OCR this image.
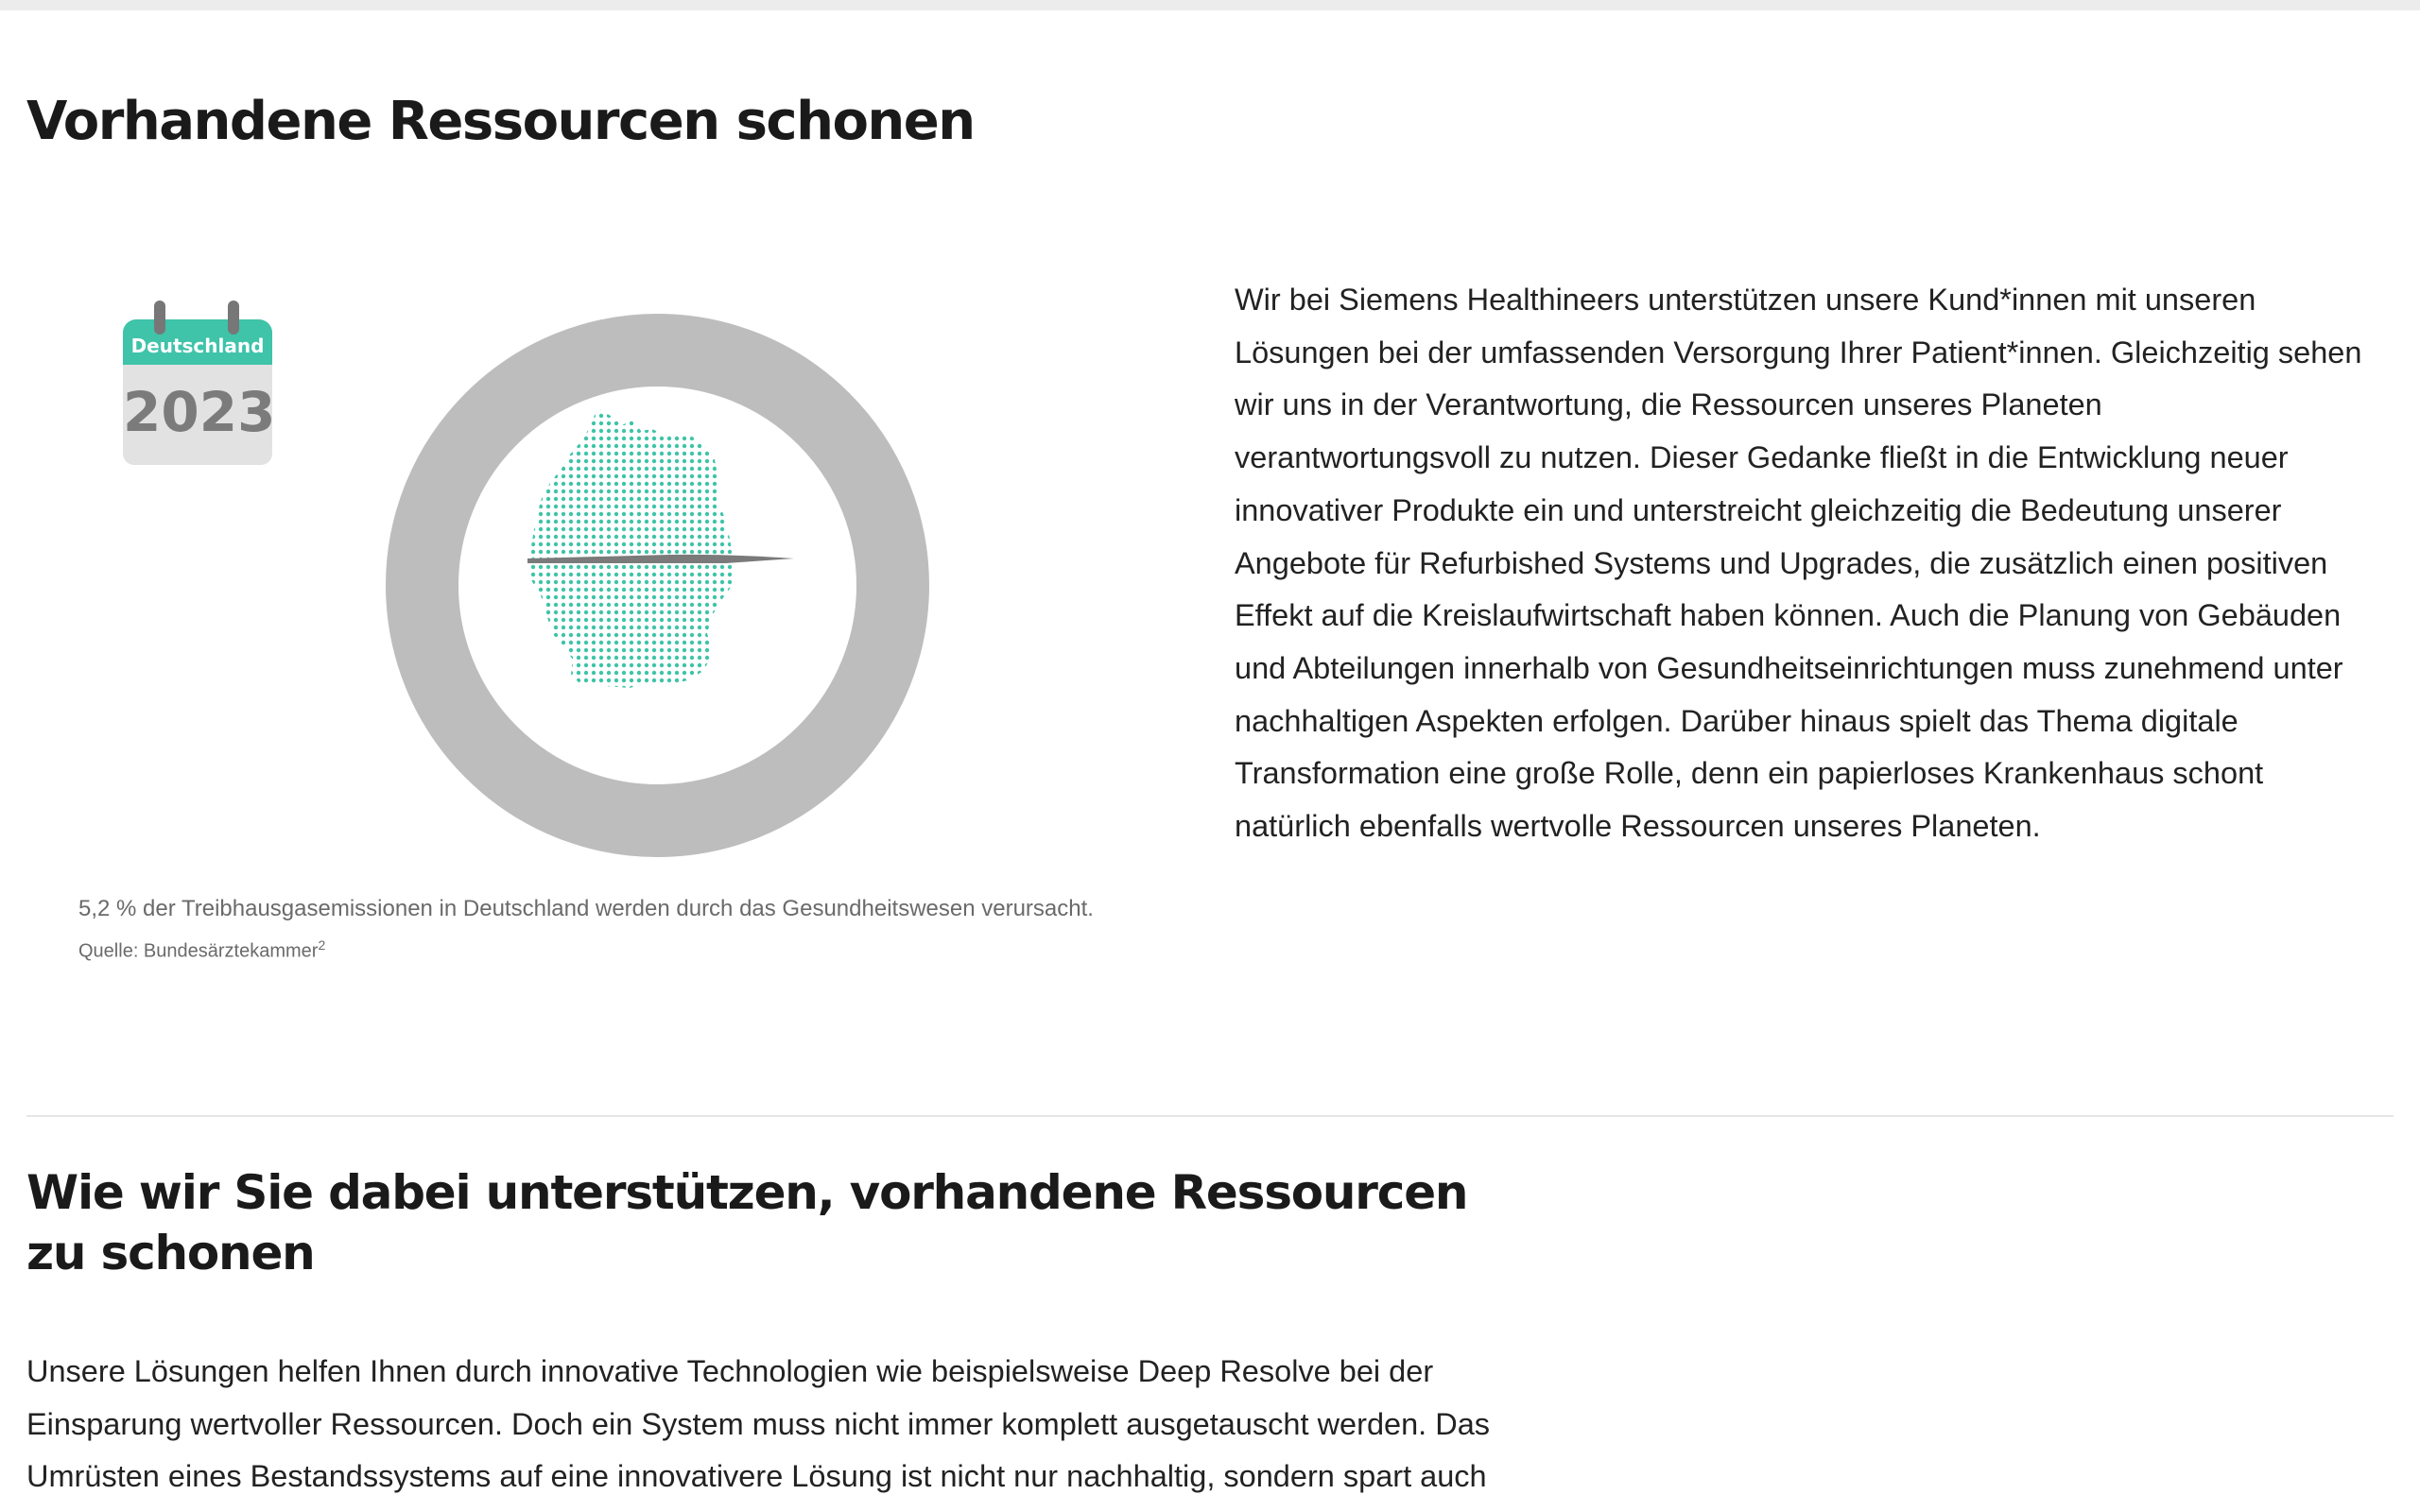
Vorhandene Ressourcen schonen
Deutschland
2023
5,2 % der Treibhausgasemissionen in Deutschland werden durch das Gesundheitswesen verursacht.
Quelle: Bundesärztekammer$^2$

Wir bei Siemens Healthineers unterstützen unsere Kund*innen mit unseren Lösungen bei der umfassenden Versorgung Ihrer Patient*innen. Gleichzeitig sehen wir uns in der Verantwortung, die Ressourcen unseres Planeten verantwortungsvoll zu nutzen. Dieser Gedanke fließt in die Entwicklung neuer innovativer Produkte ein und unterstreicht gleichzeitig die Bedeutung unserer Angebote für Refurbished Systems und Upgrades, die zusätzlich einen positiven Effekt auf die Kreislaufwirtschaft haben können. Auch die Planung von Gebäuden und Abteilungen innerhalb von Gesundheitseinrichtungen muss zunehmend unter nachhaltigen Aspekten erfolgen. Darüber hinaus spielt das Thema digitale Transformation eine große Rolle, denn ein papierloses Krankenhaus schont natürlich ebenfalls wertvolle Ressourcen unseres Planeten.

Wie wir Sie dabei unterstützen, vorhandene Ressourcen zu schonen

Unsere Lösungen helfen Ihnen durch innovative Technologien wie beispielsweise Deep Resolve bei der Einsparung wertvoller Ressourcen. Doch ein System muss nicht immer komplett ausgetauscht werden. Das Umrüsten eines Bestandssystems auf eine innovativere Lösung ist nicht nur nachhaltig, sondern spart auch
